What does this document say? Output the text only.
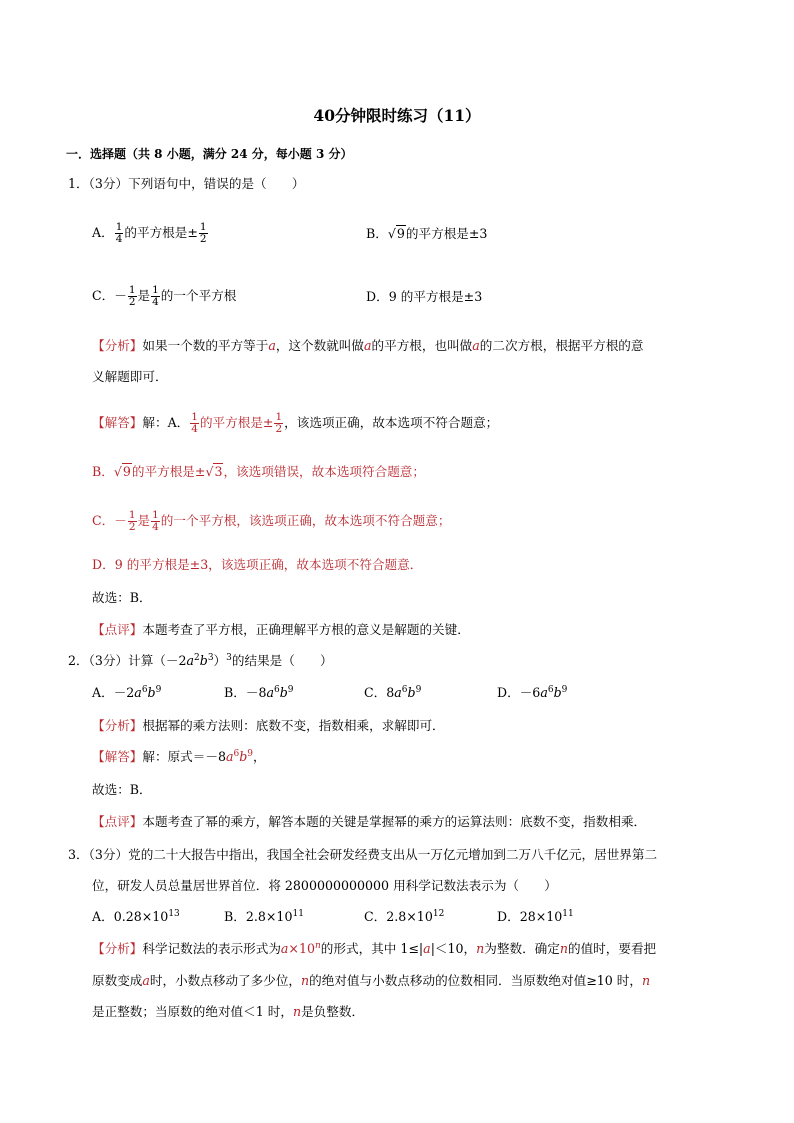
40分钟限时练习（11）
一．选择题（共 8 小题，满分 24 分，每小题 3 分）
1．（3分）下列语句中，错误的是（　　）
A． $\frac{1}{4}$ 的平方根是± $\frac{1}{2}$	B．√9的平方根是±3
C．－ $\frac{1}{2}$ 是 $\frac{1}{4}$ 的一个平方根	D．9 的平方根是±3
【分析】如果一个数的平方等于a，这个数就叫做a的平方根，也叫做a的二次方根，根据平方根的意
义解题即可．
【解答】解：A． $\frac{1}{4}$ 的平方根是± $\frac{1}{2}$ ，该选项正确，故本选项不符合题意；
B．√9的平方根是±√3，该选项错误，故本选项符合题意；
C．－ $\frac{1}{2}$ 是 $\frac{1}{4}$ 的一个平方根，该选项正确，故本选项不符合题意；
D．9 的平方根是±3，该选项正确，故本选项不符合题意．
故选：B．
【点评】本题考查了平方根，正确理解平方根的意义是解题的关键．
2．（3分）计算$(-2a^2b^3)^3$的结果是（　　）
A．$-2a^6b^9$	B．$-8a^6b^9$	C．$8a^6b^9$	D．$-6a^6b^9$
【分析】根据幂的乘方法则：底数不变，指数相乘，求解即可．
【解答】解：原式$=-8a^6b^9$，
故选：B．
【点评】本题考查了幂的乘方，解答本题的关键是掌握幂的乘方的运算法则：底数不变，指数相乘．
3．（3分）党的二十大报告中指出，我国全社会研发经费支出从一万亿元增加到二万八千亿元，居世界第二
位，研发人员总量居世界首位．将 2800000000000 用科学记数法表示为（　　）
A．$0.28\times 10^{13}$	B．$2.8\times 10^{11}$	C．$2.8\times 10^{12}$	D．$28\times 10^{11}$
【分析】科学记数法的表示形式为$a\times 10^n$的形式，其中 1≤|a|＜10，n为整数．确定n的值时，要看把
原数变成a时，小数点移动了多少位，n的绝对值与小数点移动的位数相同．当原数绝对值≥10 时，n
是正整数；当原数的绝对值＜1 时，n是负整数．
